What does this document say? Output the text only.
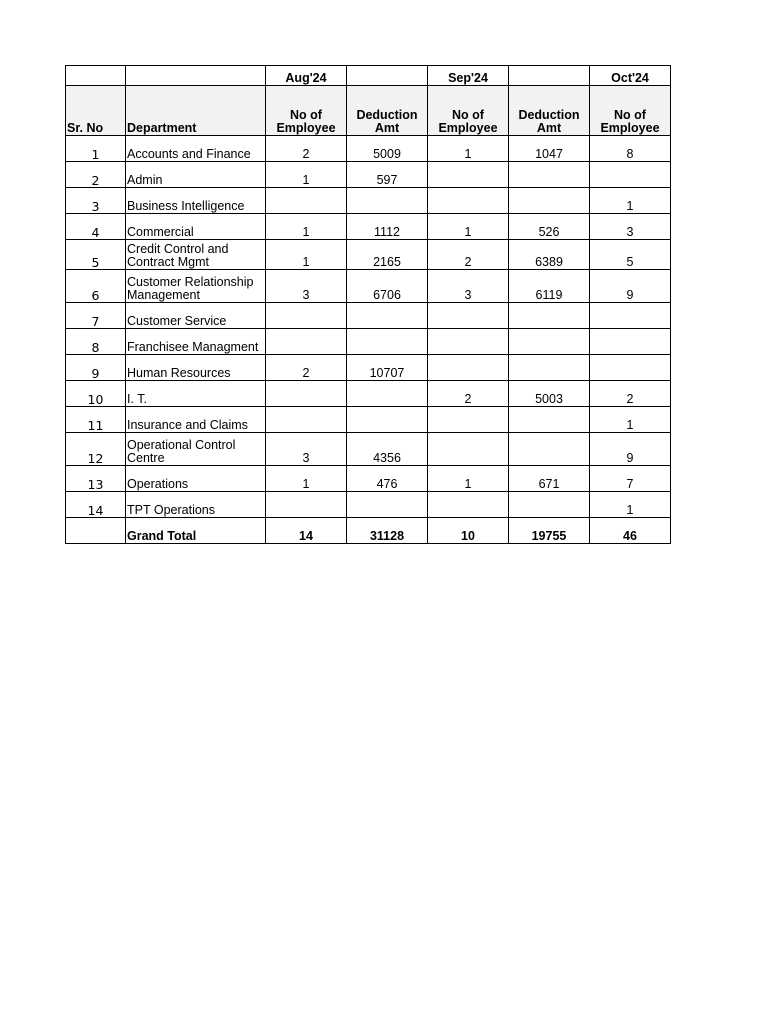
		Aug'24		Sep'24		Oct'24
Sr. No	Department	No of Employee	Deduction Amt	No of Employee	Deduction Amt	No of Employee
1	Accounts and Finance	2	5009	1	1047	8
2	Admin	1	597			
3	Business Intelligence					1
4	Commercial	1	1112	1	526	3
5	Credit Control and Contract Mgmt	1	2165	2	6389	5
6	Customer Relationship Management	3	6706	3	6119	9
7	Customer Service					
8	Franchisee Managment					
9	Human Resources	2	10707			
10	I. T.			2	5003	2
11	Insurance and Claims					1
12	Operational Control Centre	3	4356			9
13	Operations	1	476	1	671	7
14	TPT Operations					1
	Grand Total	14	31128	10	19755	46
